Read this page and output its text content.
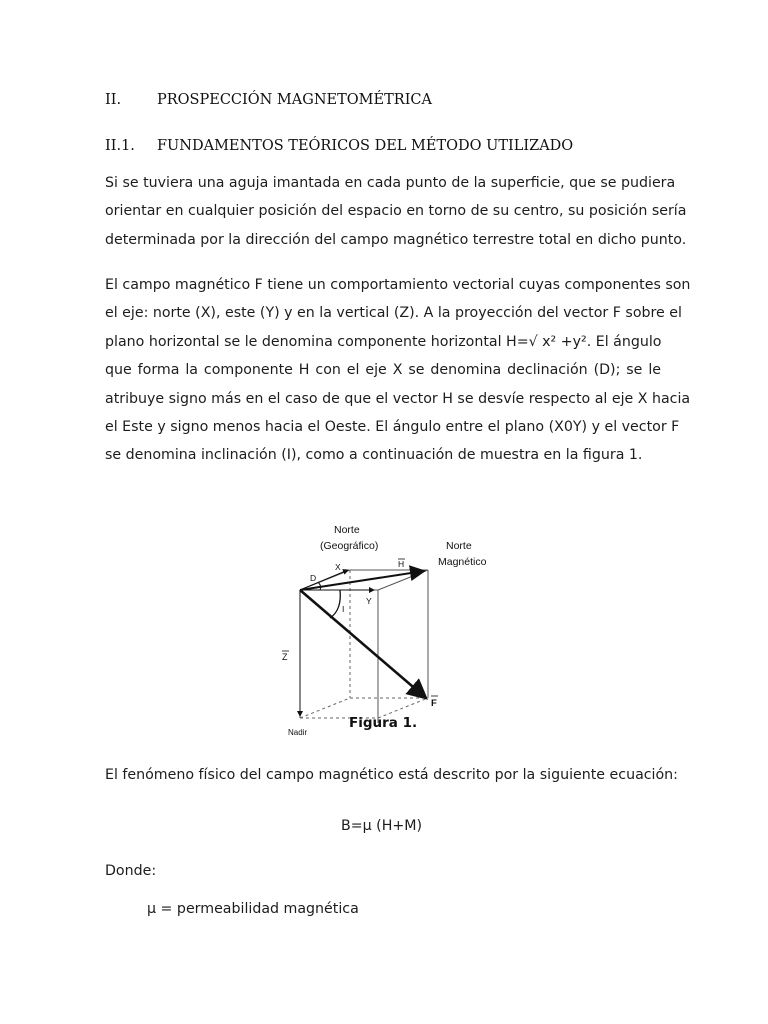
II. PROSPECCIÓN MAGNETOMÉTRICA
II.1. FUNDAMENTOS TEÓRICOS DEL MÉTODO UTILIZADO
Si se tuviera una aguja imantada en cada punto de la superficie, que se pudiera
orientar en cualquier posición del espacio en torno de su centro, su posición sería
determinada por la dirección del campo magnético terrestre total en dicho punto.
El campo magnético F tiene un comportamiento vectorial cuyas componentes son
el eje: norte (X), este (Y) y en la vertical (Z). A la proyección del vector F sobre el
plano horizontal se le denomina componente horizontal H=√ x² +y². El ángulo
que forma la componente H con el eje X se denomina declinación (D); se le
atribuye signo más en el caso de que el vector H se desvíe respecto al eje X hacia
el Este y signo menos hacia el Oeste. El ángulo entre el plano (X0Y) y el vector F
se denomina inclinación (I), como a continuación de muestra en la figura 1.
Norte
(Geográfico)	Norte
Magnético
D
X	H
Y
I
Z
F
Nadir
Figura 1.
El fenómeno físico del campo magnético está descrito por la siguiente ecuación:
B=μ (H+M)
Donde:
μ = permeabilidad magnética
